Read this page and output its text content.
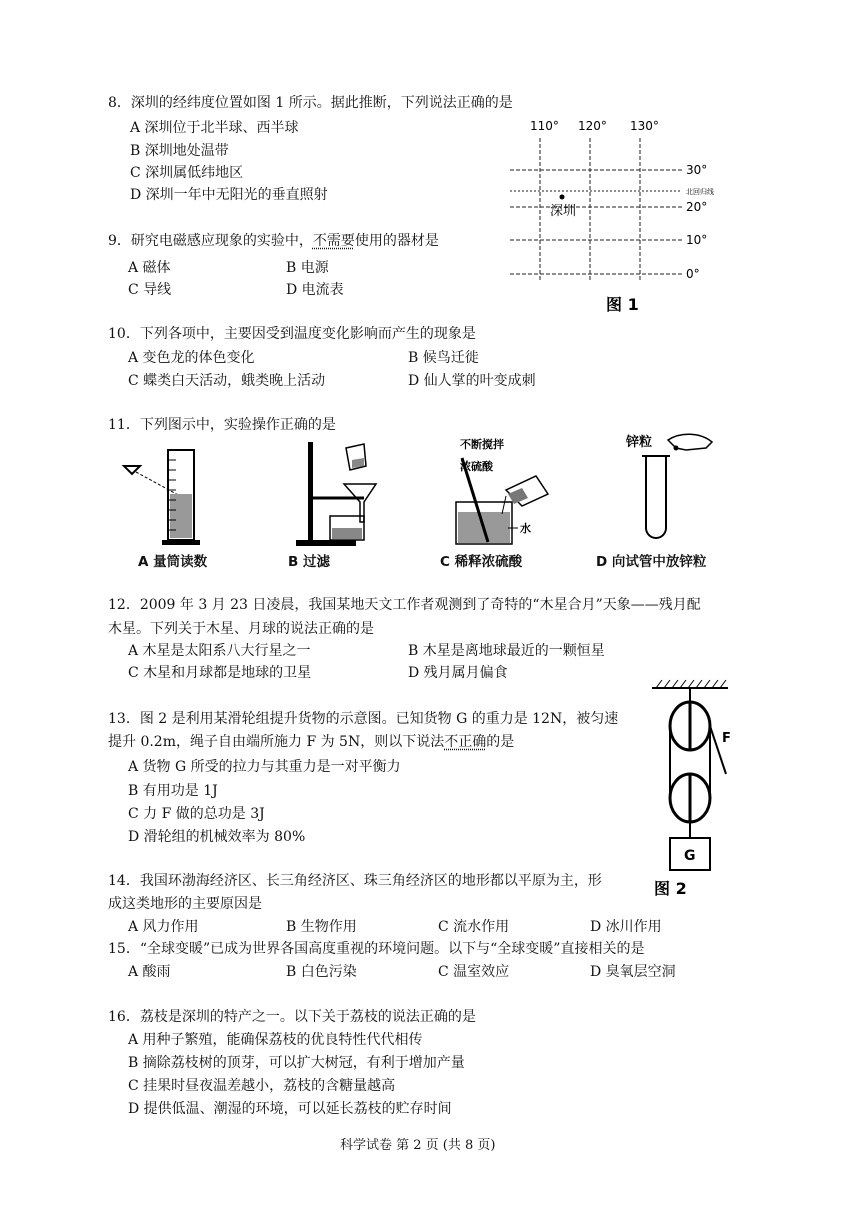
8．深圳的经纬度位置如图 1 所示。据此推断，下列说法正确的是
A 深圳位于北半球、西半球
B 深圳地处温带
C 深圳属低纬地区
D 深圳一年中无阳光的垂直照射
110° 120° 130°
30°
北回归线
20°
10°
0°
深圳
图 1
9．研究电磁感应现象的实验中，不需要使用的器材是
A 磁体	B 电源
C 导线	D 电流表
10．下列各项中，主要因受到温度变化影响而产生的现象是
A 变色龙的体色变化	B 候鸟迁徙
C 蝶类白天活动，蛾类晚上活动	D 仙人掌的叶变成刺
11．下列图示中，实验操作正确的是
A 量筒读数	B 过滤
不断搅拌
浓硫酸
水
C 稀释浓硫酸
锌粒
D 向试管中放锌粒
12．2009 年 3 月 23 日凌晨，我国某地天文工作者观测到了奇特的“木星合月”天象——残月配
木星。下列关于木星、月球的说法正确的是
A 木星是太阳系八大行星之一	B 木星是离地球最近的一颗恒星
C 木星和月球都是地球的卫星	D 残月属月偏食
13．图 2 是利用某滑轮组提升货物的示意图。已知货物 G 的重力是 12N，被匀速
提升 0.2m，绳子自由端所施力 F 为 5N，则以下说法不正确的是
A 货物 G 所受的拉力与其重力是一对平衡力
B 有用功是 1J
C 力 F 做的总功是 3J
D 滑轮组的机械效率为 80%
F
G
图 2
14．我国环渤海经济区、长三角经济区、珠三角经济区的地形都以平原为主，形
成这类地形的主要原因是
A 风力作用	B 生物作用	C 流水作用	D 冰川作用
15．“全球变暖”已成为世界各国高度重视的环境问题。以下与“全球变暖”直接相关的是
A 酸雨	B 白色污染	C 温室效应	D 臭氧层空洞
16．荔枝是深圳的特产之一。以下关于荔枝的说法正确的是
A 用种子繁殖，能确保荔枝的优良特性代代相传
B 摘除荔枝树的顶芽，可以扩大树冠，有利于增加产量
C 挂果时昼夜温差越小，荔枝的含糖量越高
D 提供低温、潮湿的环境，可以延长荔枝的贮存时间
科学试卷 第 2 页 (共 8 页)
